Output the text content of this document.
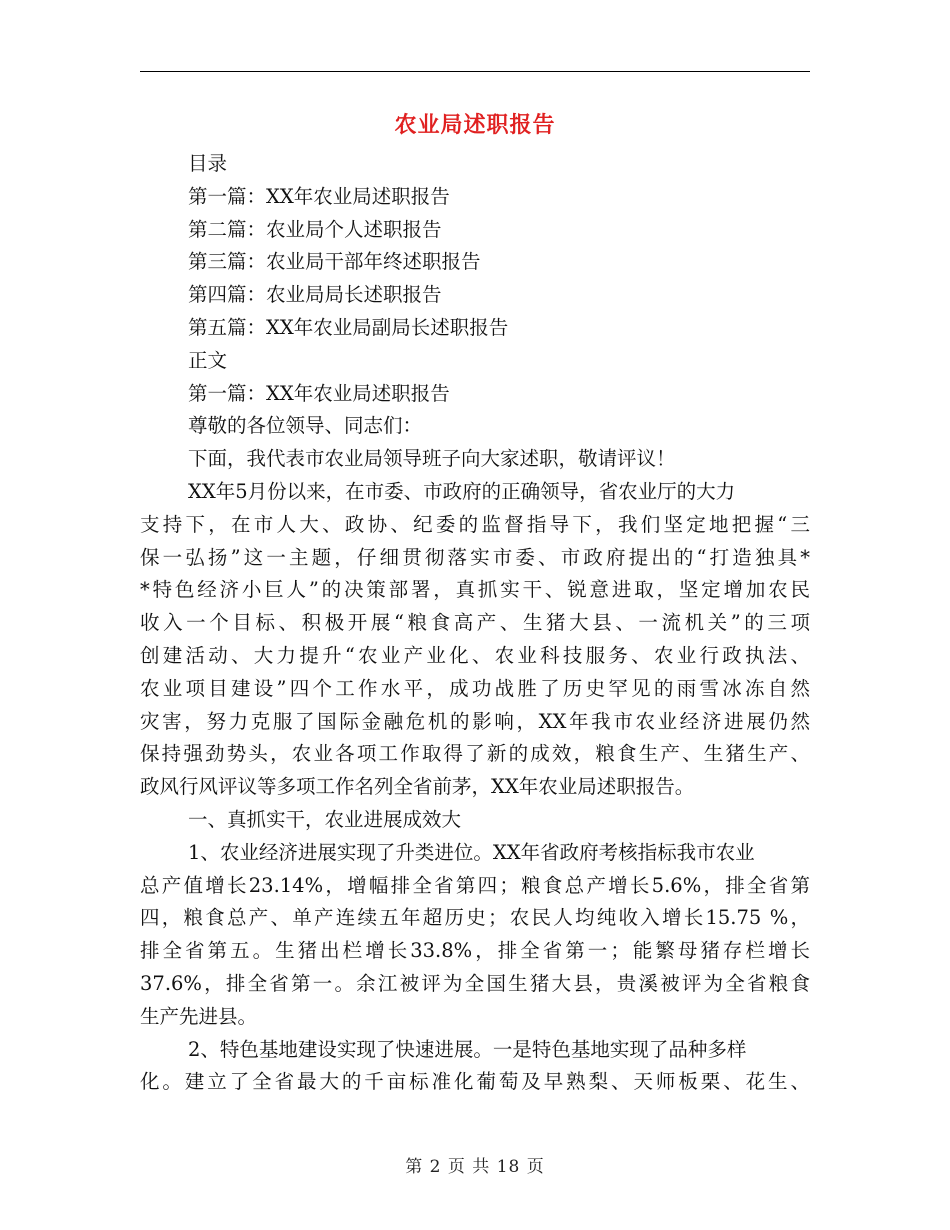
农业局述职报告
目录
第一篇：XX年农业局述职报告
第二篇：农业局个人述职报告
第三篇：农业局干部年终述职报告
第四篇：农业局局长述职报告
第五篇：XX年农业局副局长述职报告
正文
第一篇：XX年农业局述职报告
尊敬的各位领导、同志们：
下面，我代表市农业局领导班子向大家述职，敬请评议！
XX年5月份以来，在市委、市政府的正确领导，省农业厅的大力
支持下，在市人大、政协、纪委的监督指导下，我们坚定地把握“三
保一弘扬”这一主题，仔细贯彻落实市委、市政府提出的“打造独具*
*特色经济小巨人”的决策部署，真抓实干、锐意进取，坚定增加农民
收入一个目标、积极开展“粮食高产、生猪大县、一流机关”的三项
创建活动、大力提升“农业产业化、农业科技服务、农业行政执法、
农业项目建设”四个工作水平，成功战胜了历史罕见的雨雪冰冻自然
灾害，努力克服了国际金融危机的影响，XX年我市农业经济进展仍然
保持强劲势头，农业各项工作取得了新的成效，粮食生产、生猪生产、
政风行风评议等多项工作名列全省前茅，XX年农业局述职报告。
一、真抓实干，农业进展成效大
1、农业经济进展实现了升类进位。XX年省政府考核指标我市农业
总产值增长23.14%，增幅排全省第四；粮食总产增长5.6%，排全省第
四，粮食总产、单产连续五年超历史；农民人均纯收入增长15.75 %，
排全省第五。生猪出栏增长33.8%，排全省第一；能繁母猪存栏增长
37.6%，排全省第一。余江被评为全国生猪大县，贵溪被评为全省粮食
生产先进县。
2、特色基地建设实现了快速进展。一是特色基地实现了品种多样
化。建立了全省最大的千亩标准化葡萄及早熟梨、天师板栗、花生、
第 2 页 共 18 页
